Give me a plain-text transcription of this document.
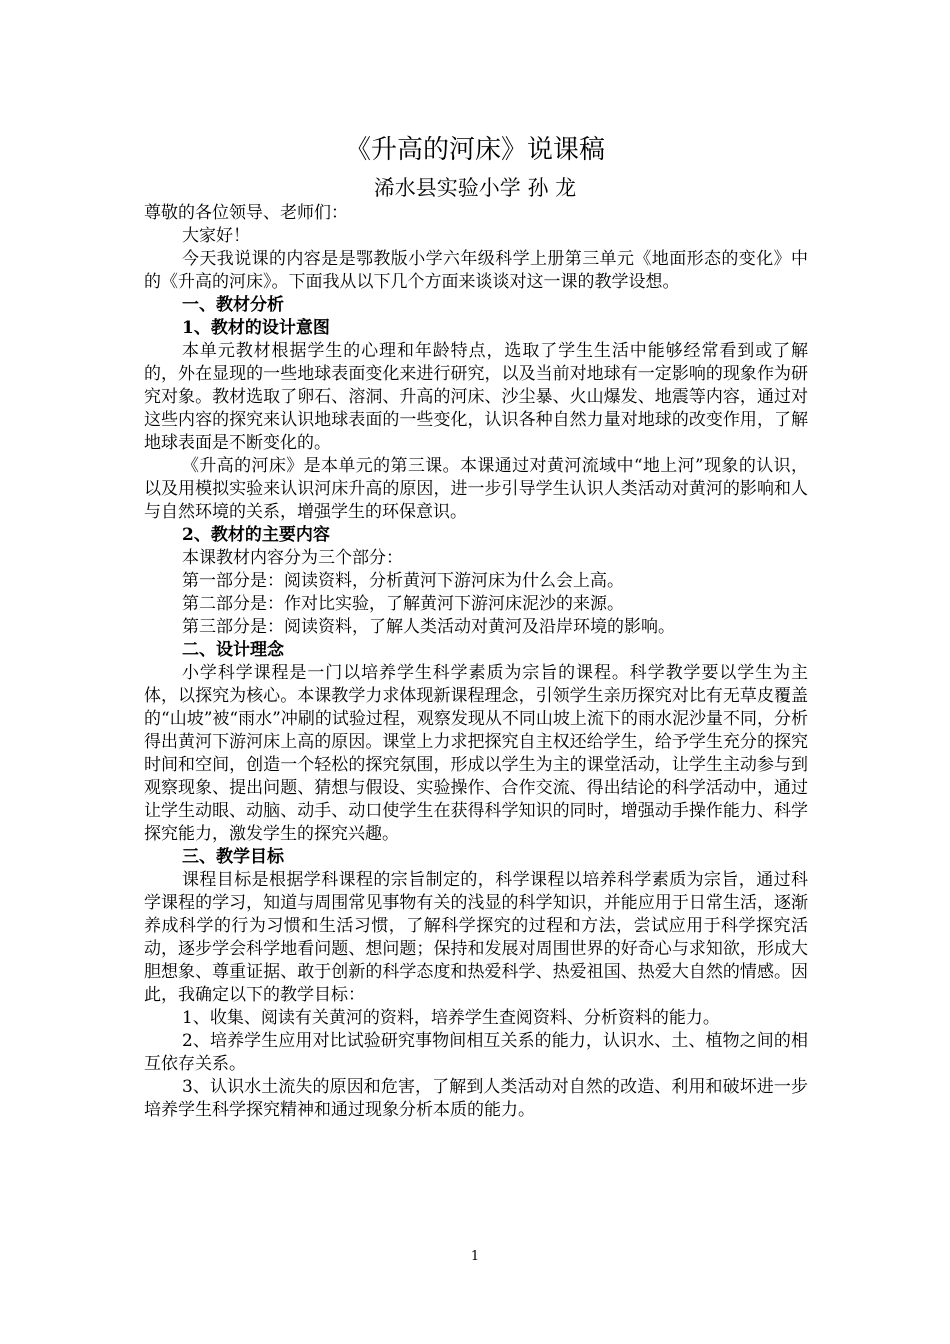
《升高的河床》说课稿
浠水县实验小学 孙 龙

尊敬的各位领导、老师们：

大家好！

今天我说课的内容是是鄂教版小学六年级科学上册第三单元《地面形态的变化》中的《升高的河床》。下面我从以下几个方面来谈谈对这一课的教学设想。

一、教材分析

1、教材的设计意图

本单元教材根据学生的心理和年龄特点，选取了学生生活中能够经常看到或了解的，外在显现的一些地球表面变化来进行研究，以及当前对地球有一定影响的现象作为研究对象。教材选取了卵石、溶洞、升高的河床、沙尘暴、火山爆发、地震等内容，通过对这些内容的探究来认识地球表面的一些变化，认识各种自然力量对地球的改变作用，了解地球表面是不断变化的。

《升高的河床》是本单元的第三课。本课通过对黄河流域中“地上河”现象的认识，以及用模拟实验来认识河床升高的原因，进一步引导学生认识人类活动对黄河的影响和人与自然环境的关系，增强学生的环保意识。

2、教材的主要内容

本课教材内容分为三个部分：

第一部分是：阅读资料，分析黄河下游河床为什么会上高。

第二部分是：作对比实验，了解黄河下游河床泥沙的来源。

第三部分是：阅读资料，了解人类活动对黄河及沿岸环境的影响。

二、设计理念

小学科学课程是一门以培养学生科学素质为宗旨的课程。科学教学要以学生为主体，以探究为核心。本课教学力求体现新课程理念，引领学生亲历探究对比有无草皮覆盖的“山坡”被“雨水”冲刷的试验过程，观察发现从不同山坡上流下的雨水泥沙量不同，分析得出黄河下游河床上高的原因。课堂上力求把探究自主权还给学生，给予学生充分的探究时间和空间，创造一个轻松的探究氛围，形成以学生为主的课堂活动，让学生主动参与到观察现象、提出问题、猜想与假设、实验操作、合作交流、得出结论的科学活动中，通过让学生动眼、动脑、动手、动口使学生在获得科学知识的同时，增强动手操作能力、科学探究能力，激发学生的探究兴趣。

三、教学目标

课程目标是根据学科课程的宗旨制定的，科学课程以培养科学素质为宗旨，通过科学课程的学习，知道与周围常见事物有关的浅显的科学知识，并能应用于日常生活，逐渐养成科学的行为习惯和生活习惯，了解科学探究的过程和方法，尝试应用于科学探究活动，逐步学会科学地看问题、想问题；保持和发展对周围世界的好奇心与求知欲，形成大胆想象、尊重证据、敢于创新的科学态度和热爱科学、热爱祖国、热爱大自然的情感。因此，我确定以下的教学目标：

1、收集、阅读有关黄河的资料，培养学生查阅资料、分析资料的能力。

2、培养学生应用对比试验研究事物间相互关系的能力，认识水、土、植物之间的相互依存关系。

3、认识水土流失的原因和危害，了解到人类活动对自然的改造、利用和破坏进一步培养学生科学探究精神和通过现象分析本质的能力。

1
